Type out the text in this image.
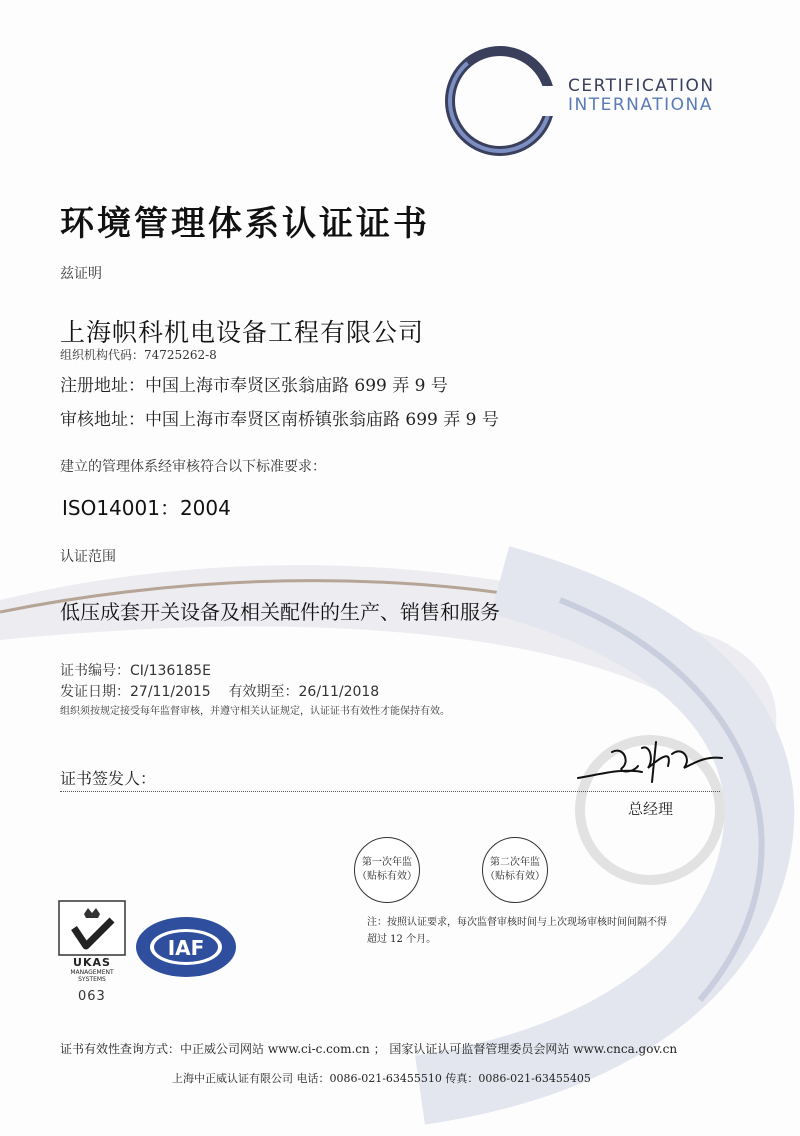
CERTIFICATION
INTERNATIONA
环境管理体系认证证书
兹证明
上海帜科机电设备工程有限公司
组织机构代码：74725262-8
注册地址：中国上海市奉贤区张翁庙路 699 弄 9 号
审核地址：中国上海市奉贤区南桥镇张翁庙路 699 弄 9 号
建立的管理体系经审核符合以下标准要求：
ISO14001：2004
认证范围
低压成套开关设备及相关配件的生产、销售和服务
证书编号：CI/136185E
发证日期：27/11/2015 有效期至：26/11/2018
组织须按规定接受每年监督审核，并遵守相关认证规定，认证证书有效性才能保持有效。
证书签发人：
总经理
第一次年监
（贴标有效）
第二次年监
（贴标有效）
注：按照认证要求，每次监督审核时间与上次现场审核时间间隔不得
超过 12 个月。
UKAS
MANAGEMENT
SYSTEMS
063
IAF
证书有效性查询方式：中正威公司网站 www.ci-c.com.cn ； 国家认证认可监督管理委员会网站 www.cnca.gov.cn
上海中正威认证有限公司 电话：0086-021-63455510 传真：0086-021-63455405
